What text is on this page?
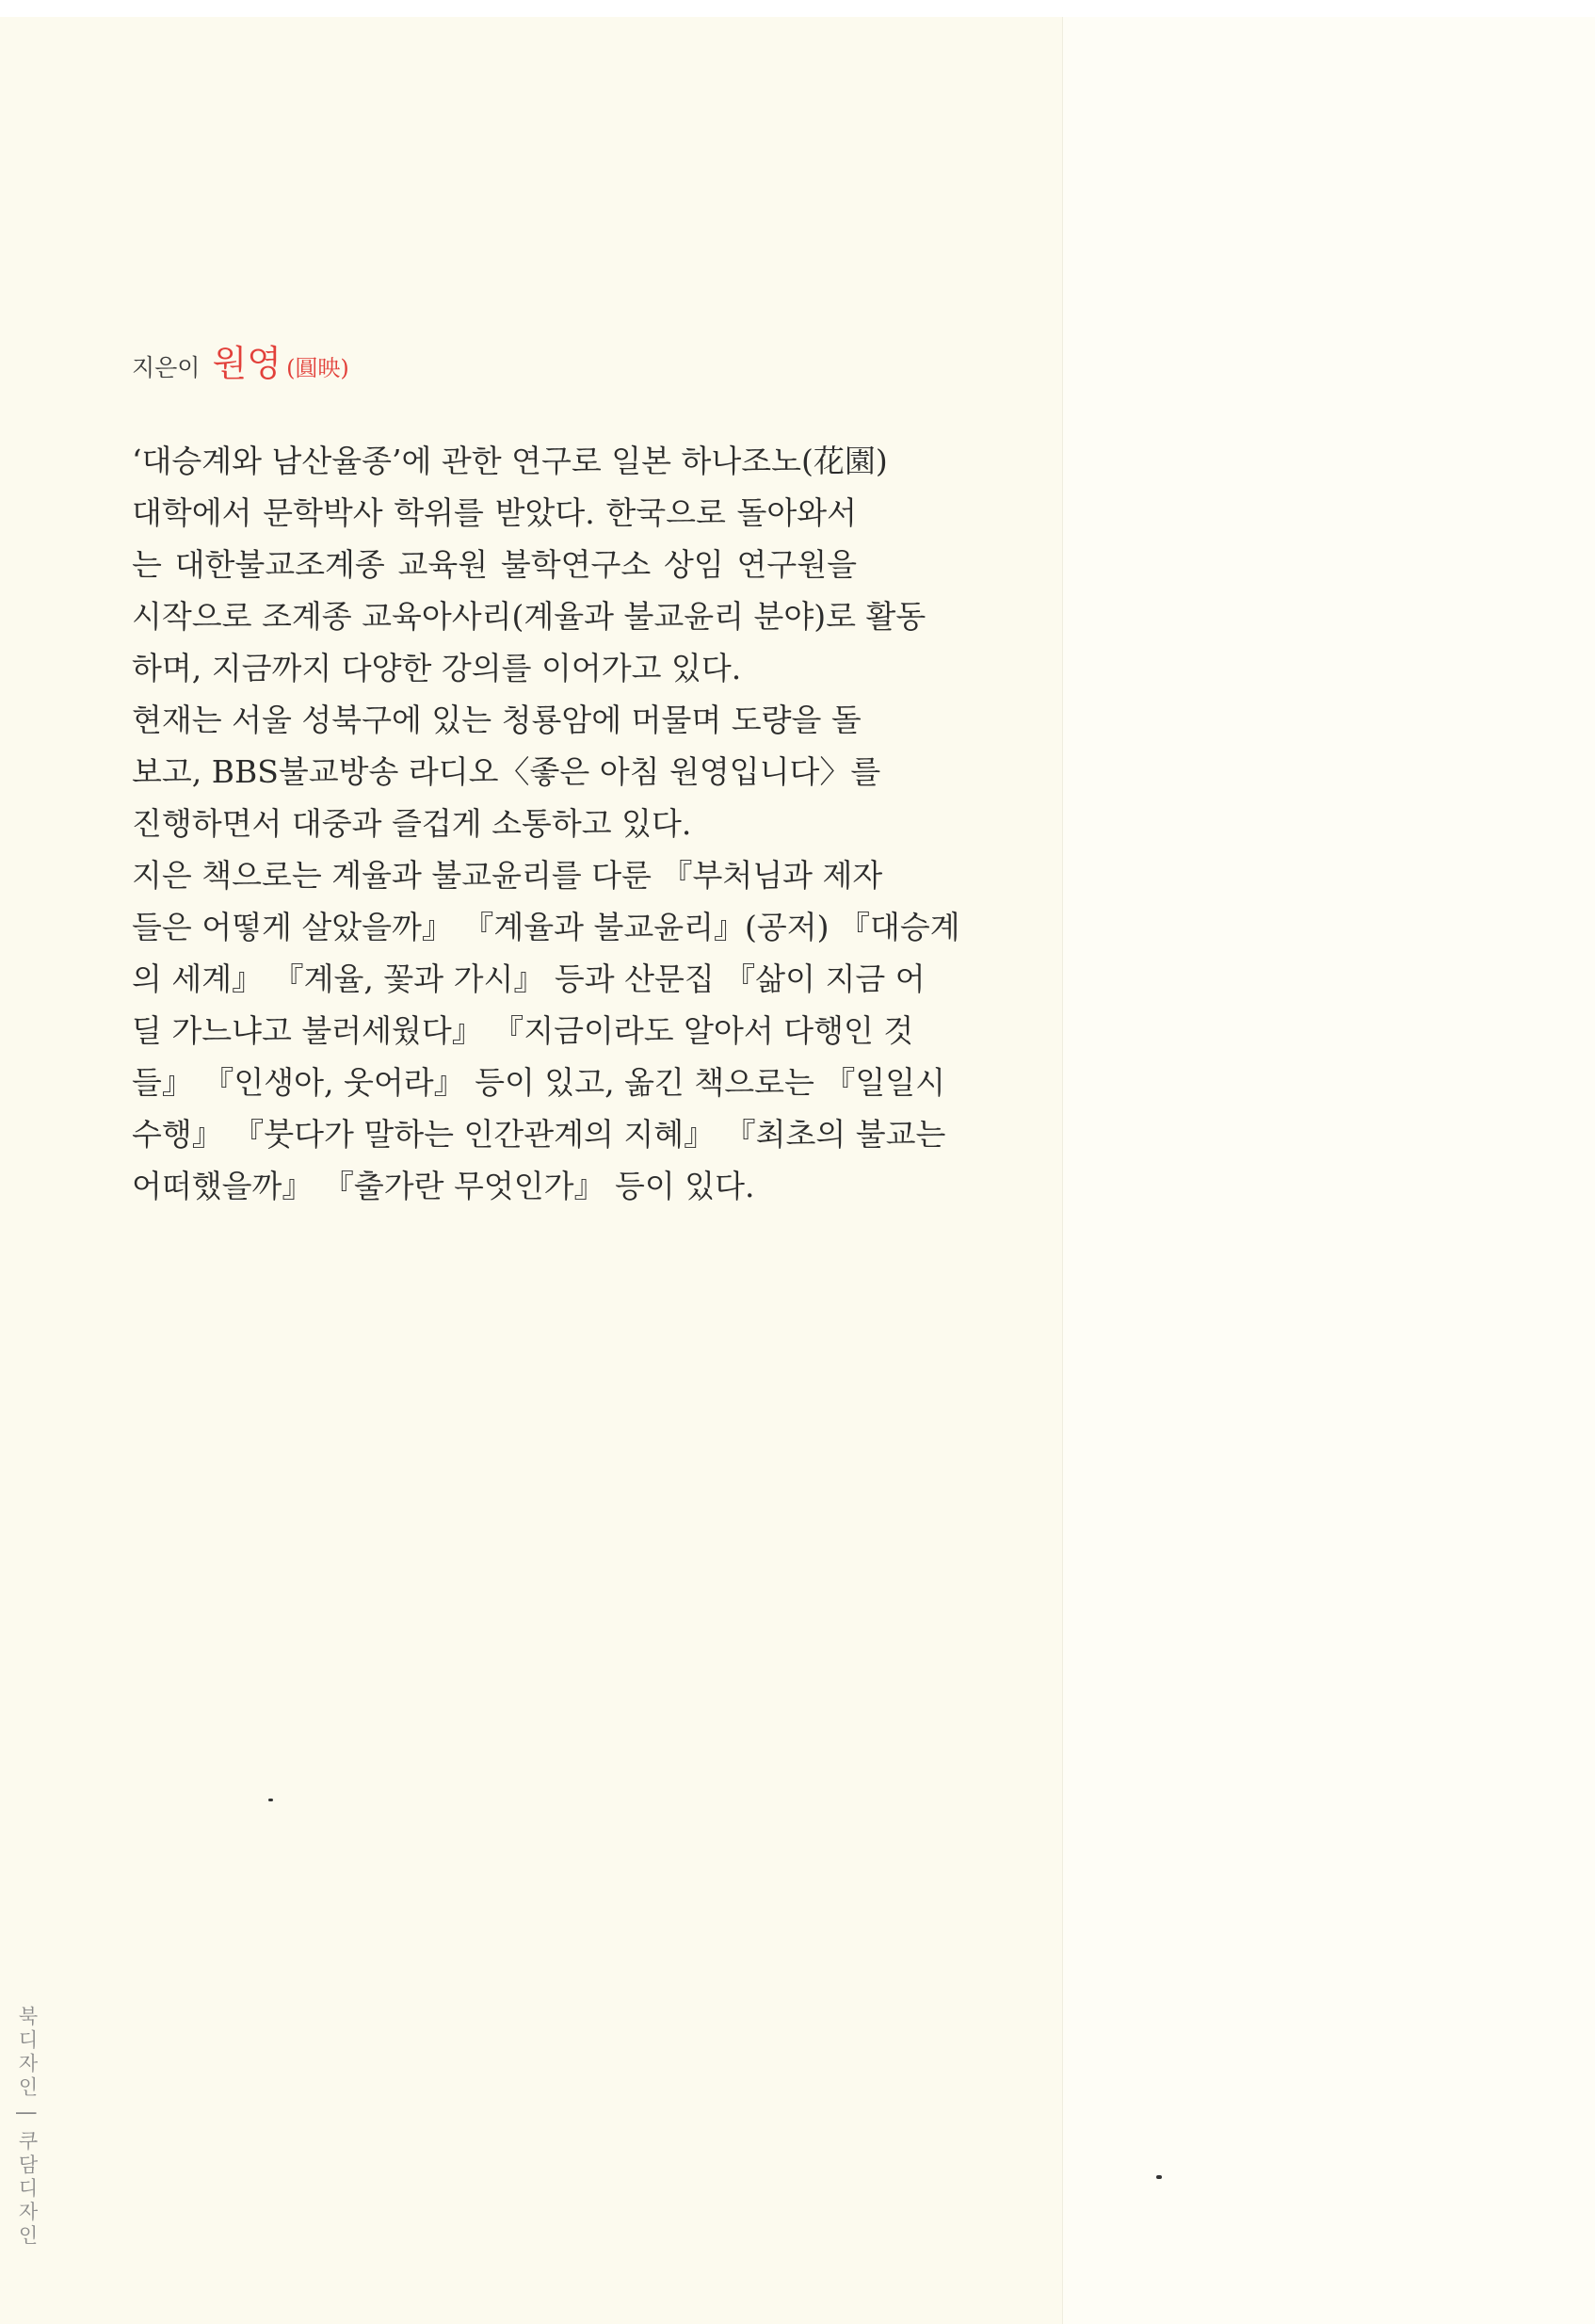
지은이 원영 (圓映)
‘대승계와 남산율종’에 관한 연구로 일본 하나조노(花園)
대학에서 문학박사 학위를 받았다. 한국으로 돌아와서
는 대한불교조계종 교육원 불학연구소 상임 연구원을
시작으로 조계종 교육아사리(계율과 불교윤리 분야)로 활동
하며, 지금까지 다양한 강의를 이어가고 있다.
현재는 서울 성북구에 있는 청룡암에 머물며 도량을 돌
보고, BBS불교방송 라디오〈좋은 아침 원영입니다〉를
진행하면서 대중과 즐겁게 소통하고 있다.
지은 책으로는 계율과 불교윤리를 다룬 『부처님과 제자
들은 어떻게 살았을까』 『계율과 불교윤리』(공저) 『대승계
의 세계』 『계율, 꽃과 가시』 등과 산문집 『삶이 지금 어
딜 가느냐고 불러세웠다』 『지금이라도 알아서 다행인 것
들』 『인생아, 웃어라』 등이 있고, 옮긴 책으로는 『일일시
수행』 『붓다가 말하는 인간관계의 지혜』 『최초의 불교는
어떠했을까』 『출가란 무엇인가』 등이 있다.
북디자인 | 쿠담디자인
